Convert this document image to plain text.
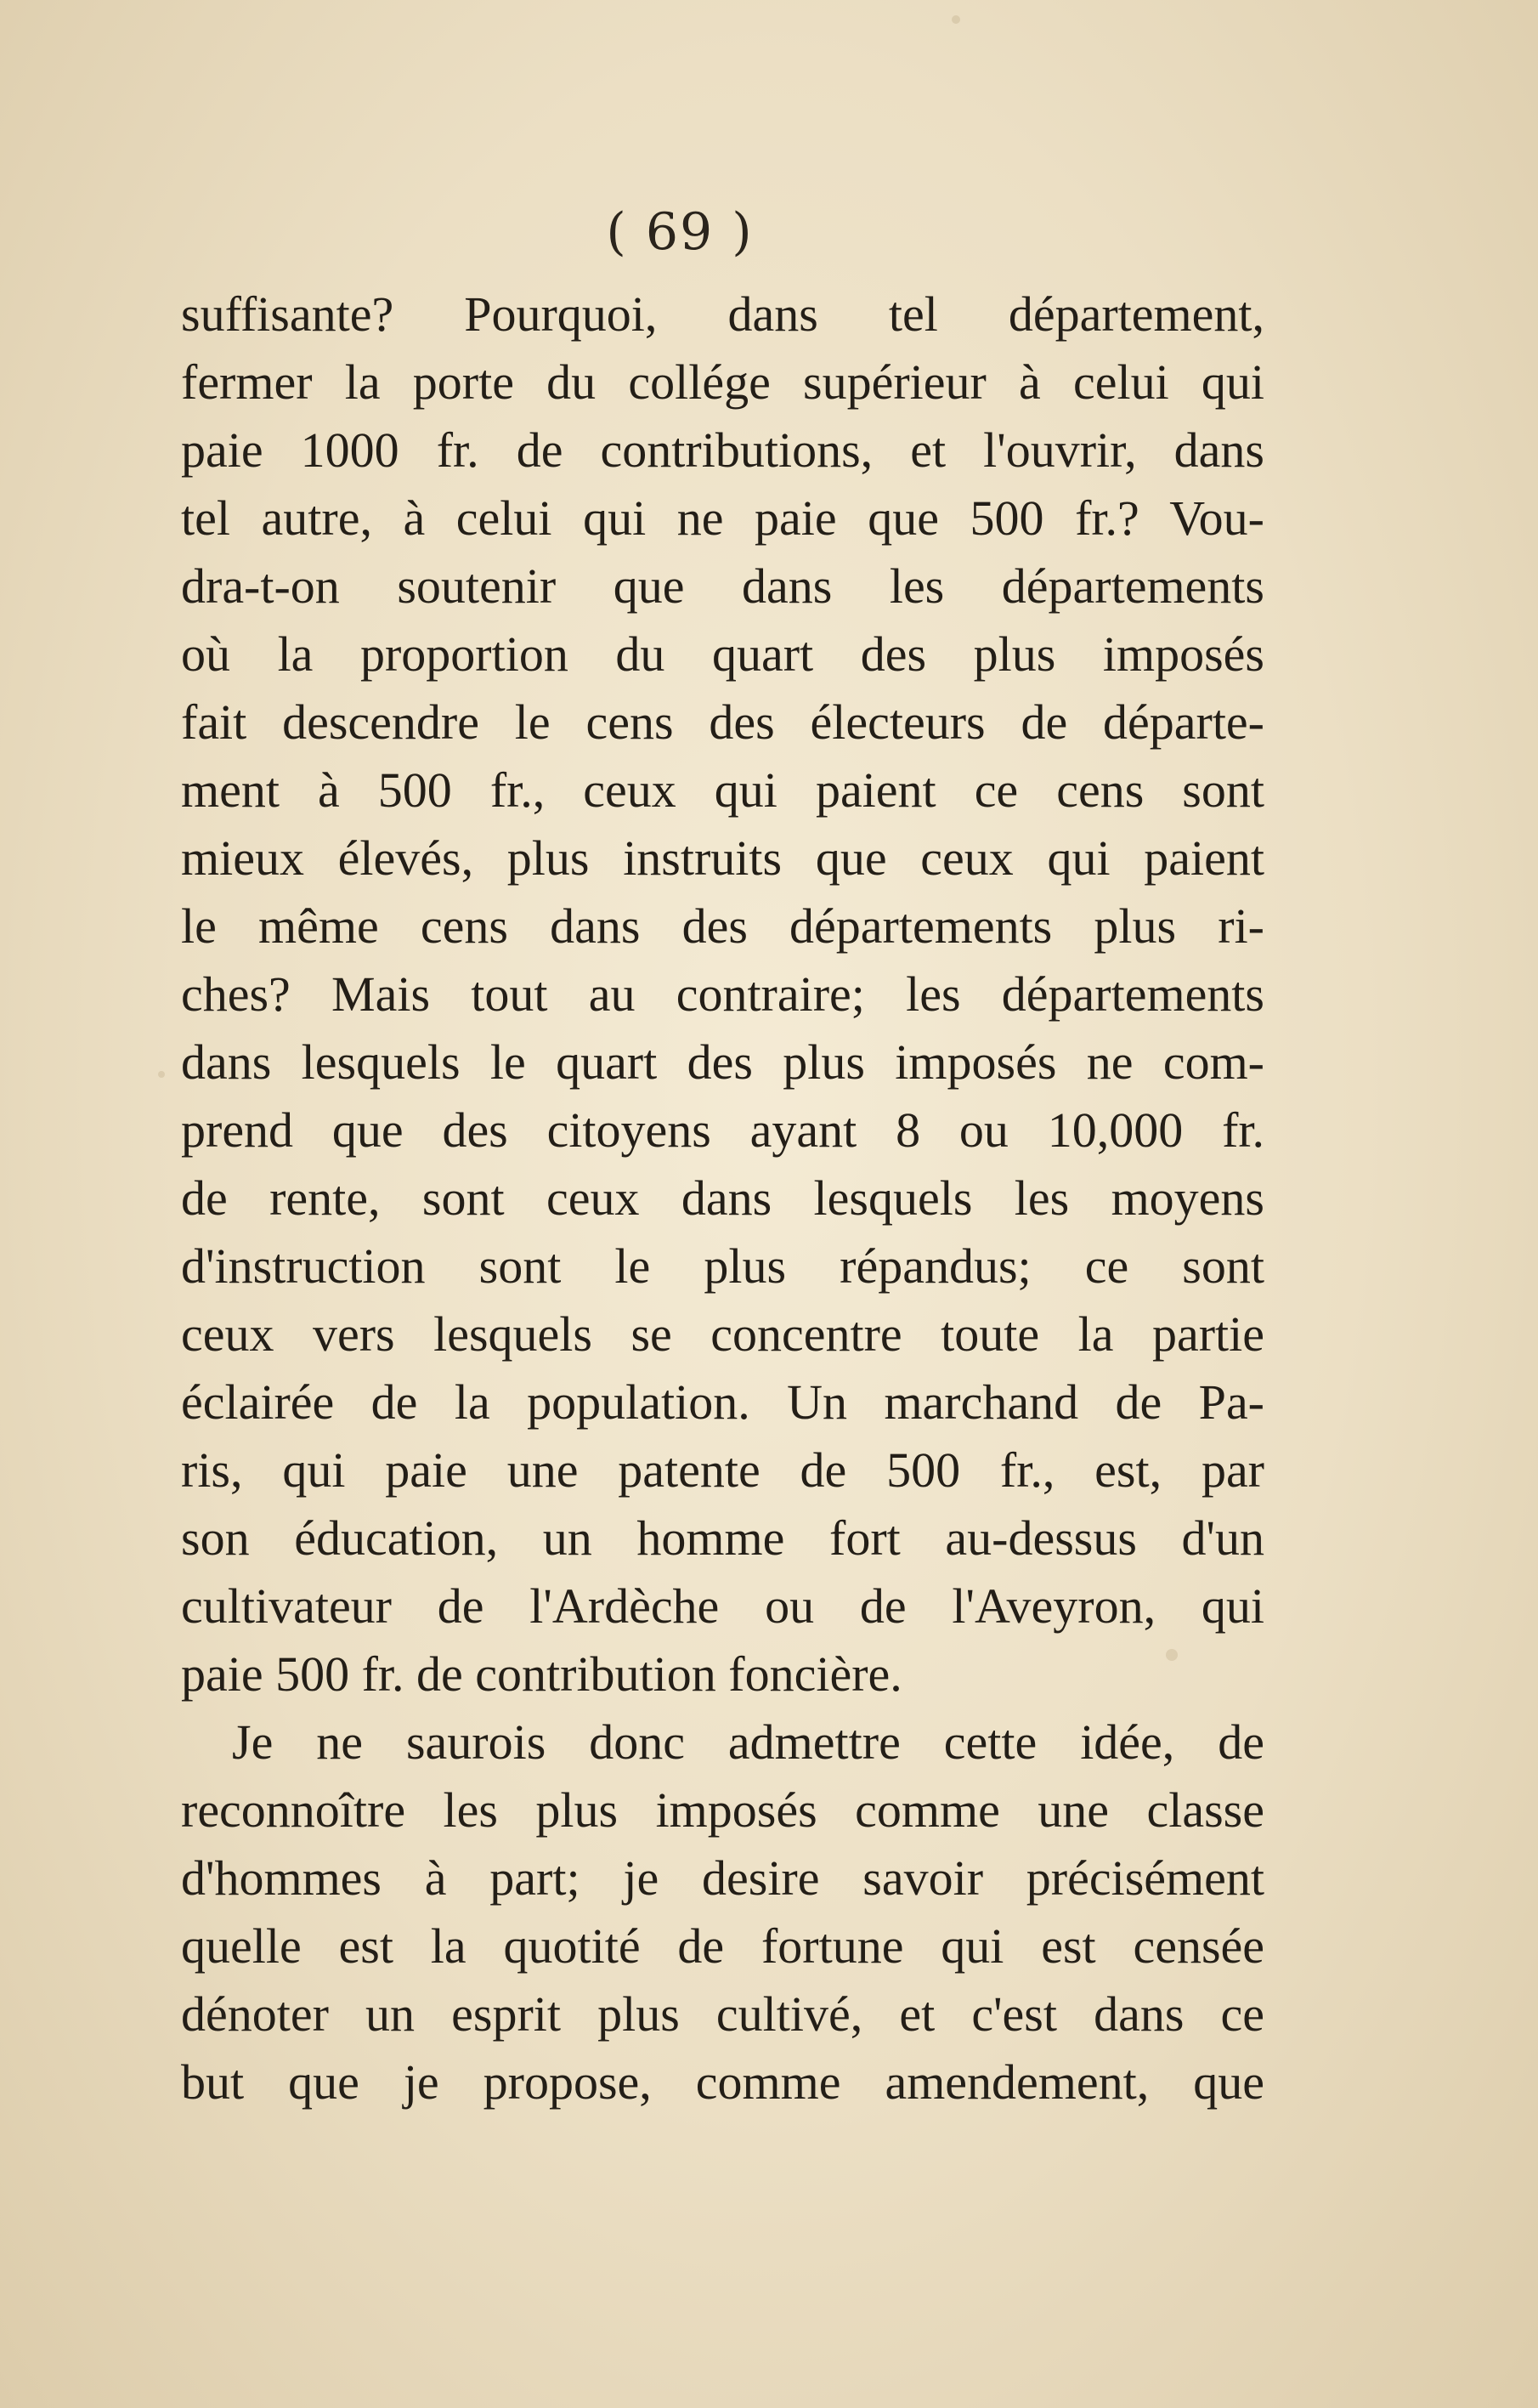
( 69 )
suffisante? Pourquoi, dans tel département,
fermer la porte du collége supérieur à celui qui
paie 1000 fr. de contributions, et l'ouvrir, dans
tel autre, à celui qui ne paie que 500 fr.? Vou-
dra-t-on soutenir que dans les départements
où la proportion du quart des plus imposés
fait descendre le cens des électeurs de départe-
ment à 500 fr., ceux qui paient ce cens sont
mieux élevés, plus instruits que ceux qui paient
le même cens dans des départements plus ri-
ches? Mais tout au contraire; les départements
dans lesquels le quart des plus imposés ne com-
prend que des citoyens ayant 8 ou 10,000 fr.
de rente, sont ceux dans lesquels les moyens
d'instruction sont le plus répandus; ce sont
ceux vers lesquels se concentre toute la partie
éclairée de la population. Un marchand de Pa-
ris, qui paie une patente de 500 fr., est, par
son éducation, un homme fort au-dessus d'un
cultivateur de l'Ardèche ou de l'Aveyron, qui
paie 500 fr. de contribution foncière.
Je ne saurois donc admettre cette idée, de
reconnoître les plus imposés comme une classe
d'hommes à part; je desire savoir précisément
quelle est la quotité de fortune qui est censée
dénoter un esprit plus cultivé, et c'est dans ce
but que je propose, comme amendement, que
